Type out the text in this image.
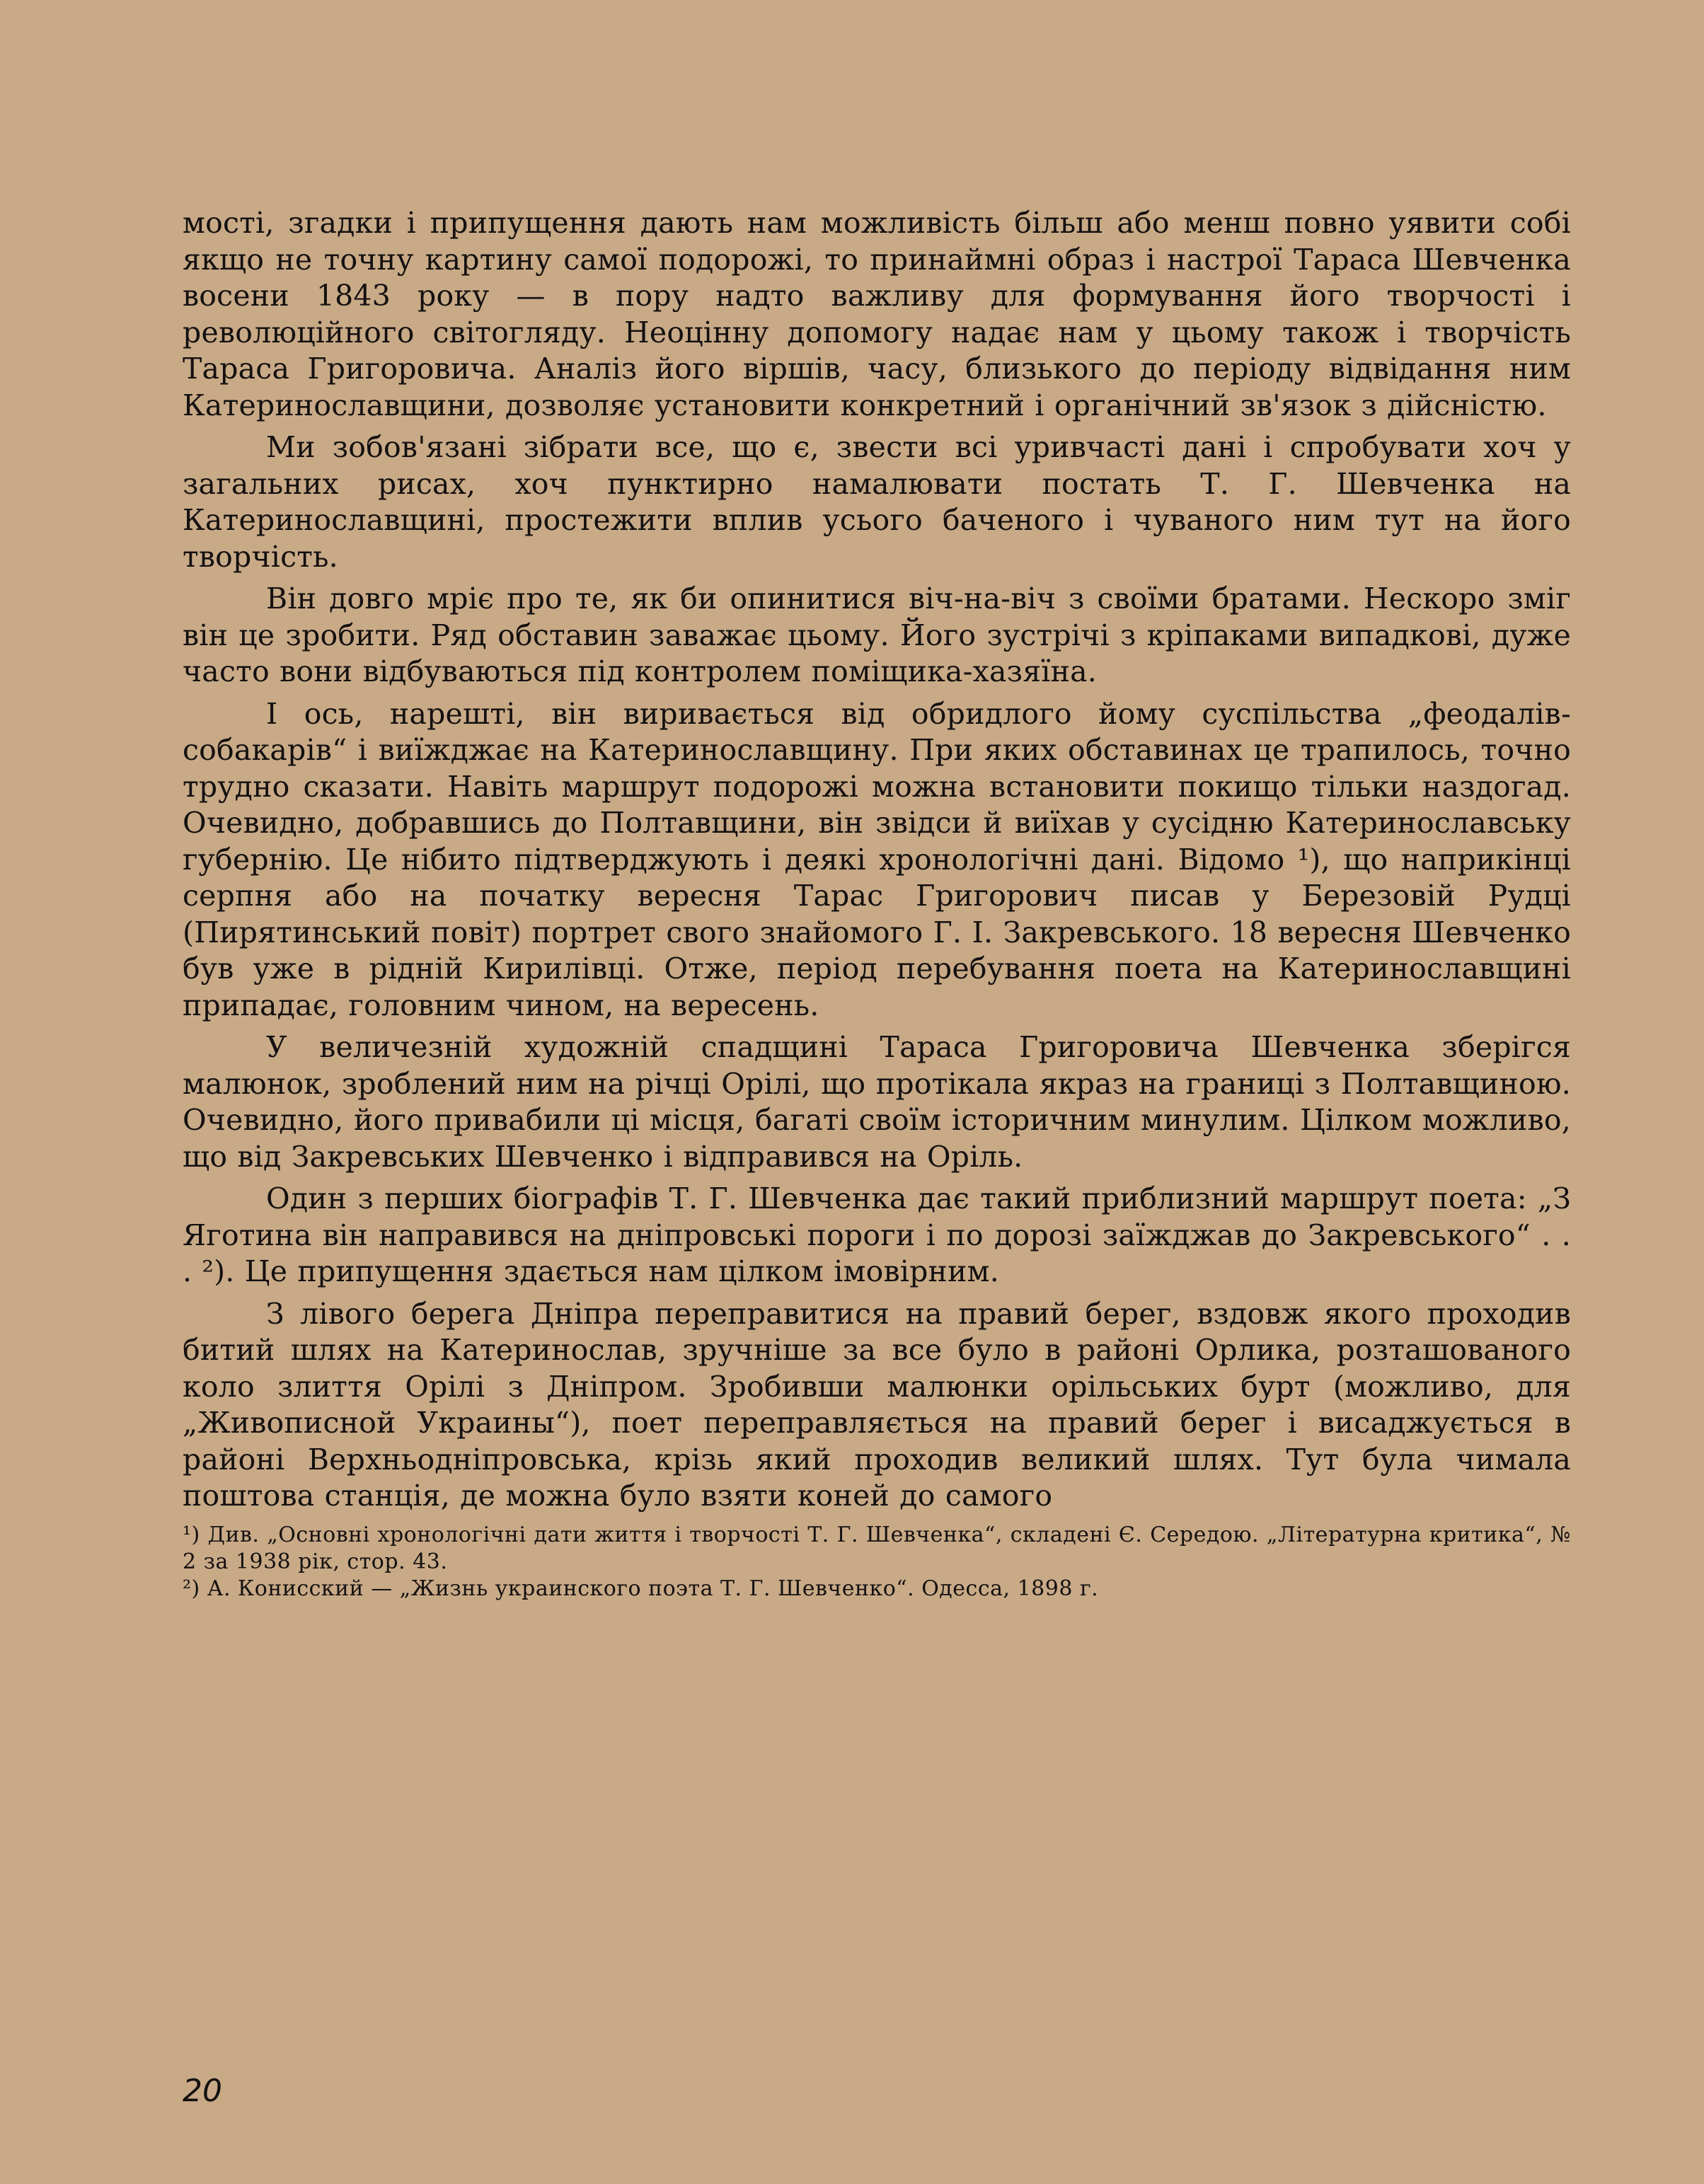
мості, згадки і припущення дають нам можливість більш або менш повно уявити собі якщо не точну картину самої подорожі, то принаймні образ і настрої Тараса Шевченка восени 1843 року — в пору надто важливу для формування його творчості і революційного світогляду. Неоцінну допомогу надає нам у цьому також і творчість Тараса Григоровича. Аналіз його віршів, часу, близького до періоду відвідання ним Катеринославщини, дозволяє установити конкретний і органічний зв'язок з дійсністю.

Ми зобов'язані зібрати все, що є, звести всі уривчасті дані і спробувати хоч у загальних рисах, хоч пунктирно намалювати постать Т. Г. Шевченка на Катеринославщині, простежити вплив усього баченого і чуваного ним тут на його творчість.

Він довго мріє про те, як би опинитися віч-на-віч з своїми братами. Нескоро зміг він це зробити. Ряд обставин заважає цьому. Його зустрічі з кріпаками випадкові, дуже часто вони відбуваються під контролем поміщика-хазяїна.

І ось, нарешті, він виривається від обридлого йому суспільства „феодалів-собакарів“ і виїжджає на Катеринославщину. При яких обставинах це трапилось, точно трудно сказати. Навіть маршрут подорожі можна встановити покищо тільки наздогад. Очевидно, добравшись до Полтавщини, він звідси й виїхав у сусідню Катеринославську губернію. Це нібито підтверджують і деякі хронологічні дані. Відомо ¹), що наприкінці серпня або на початку вересня Тарас Григорович писав у Березовій Рудці (Пирятинський повіт) портрет свого знайомого Г. І. Закревського. 18 вересня Шевченко був уже в рідній Кирилівці. Отже, період перебування поета на Катеринославщині припадає, головним чином, на вересень.

У величезній художній спадщині Тараса Григоровича Шевченка зберігся малюнок, зроблений ним на річці Орілі, що протікала якраз на границі з Полтавщиною. Очевидно, його привабили ці місця, багаті своїм історичним минулим. Цілком можливо, що від Закревських Шевченко і відправився на Оріль.

Один з перших біографів Т. Г. Шевченка дає такий приблизний маршрут поета: „З Яготина він направився на дніпровські пороги і по дорозі заїжджав до Закревського“ . . . ²). Це припущення здається нам цілком імовірним.

З лівого берега Дніпра переправитися на правий берег, вздовж якого проходив битий шлях на Катеринослав, зручніше за все було в районі Орлика, розташованого коло злиття Орілі з Дніпром. Зробивши малюнки орільських бурт (можливо, для „Живописной Украины“), поет переправляється на правий берег і висаджується в районі Верхньодніпровська, крізь який проходив великий шлях. Тут була чимала поштова станція, де можна було взяти коней до самого

¹) Див. „Основні хронологічні дати життя і творчості Т. Г. Шевченка“, складені Є. Середою. „Літературна критика“, № 2 за 1938 рік, стор. 43.

²) А. Конисский — „Жизнь украинского поэта Т. Г. Шевченко“. Одесса, 1898 г.

20
